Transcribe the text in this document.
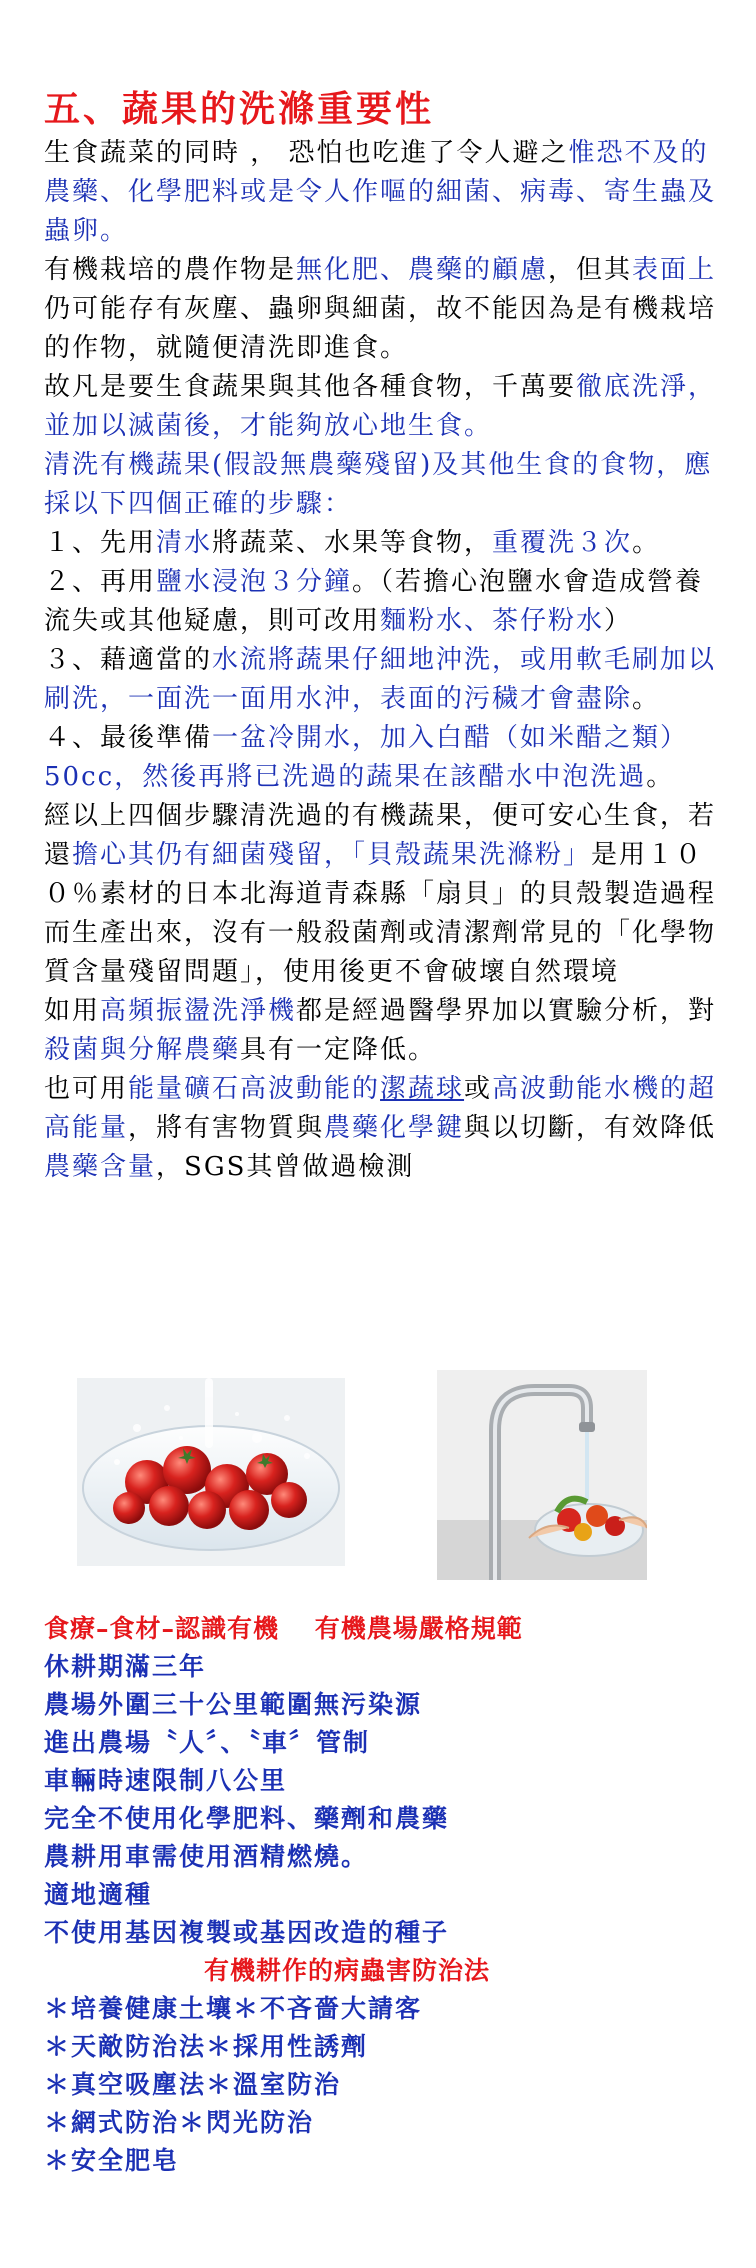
五、蔬果的洗滌重要性

生食蔬菜的同時 ， 恐怕也吃進了令人避之惟恐不及的農藥、化學肥料或是令人作嘔的細菌、病毒、寄生蟲及蟲卵。

有機栽培的農作物是無化肥、農藥的顧慮，但其表面上仍可能存有灰塵、蟲卵與細菌，故不能因為是有機栽培的作物，就隨便清洗即進食。

故凡是要生食蔬果與其他各種食物，千萬要徹底洗淨，並加以滅菌後，才能夠放心地生食。

清洗有機蔬果(假設無農藥殘留)及其他生食的食物，應採以下四個正確的步驟：

１、先用清水將蔬菜、水果等食物，重覆洗３次。

２、再用鹽水浸泡３分鐘。（若擔心泡鹽水會造成營養流失或其他疑慮，則可改用麵粉水、茶仔粉水）

３、藉適當的水流將蔬果仔細地沖洗，或用軟毛刷加以刷洗，一面洗一面用水沖，表面的污穢才會盡除。

４、最後準備一盆冷開水，加入白醋（如米醋之類）50cc，然後再將已洗過的蔬果在該醋水中泡洗過。

經以上四個步驟清洗過的有機蔬果，便可安心生食，若還擔心其仍有細菌殘留，「貝殼蔬果洗滌粉」是用１００％素材的日本北海道青森縣「扇貝」的貝殼製造過程而生產出來，沒有一般殺菌劑或清潔劑常見的「化學物質含量殘留問題」，使用後更不會破壞自然環境

如用高頻振盪洗淨機都是經過醫學界加以實驗分析，對殺菌與分解農藥具有一定降低。

也可用能量礦石高波動能的潔蔬球或高波動能水機的超高能量，將有害物質與農藥化學鍵與以切斷，有效降低農藥含量，SGS其曾做過檢測

食療–食材–認識有機　 有機農場嚴格規範

休耕期滿三年

農場外圍三十公里範圍無污染源

進出農場〝人〞、〝車〞管制

車輛時速限制八公里

完全不使用化學肥料、藥劑和農藥

農耕用車需使用酒精燃燒。

適地適種

不使用基因複製或基因改造的種子

有機耕作的病蟲害防治法

＊培養健康土壤＊不吝嗇大請客

＊天敵防治法＊採用性誘劑

＊真空吸塵法＊溫室防治

＊網式防治＊閃光防治

＊安全肥皂
